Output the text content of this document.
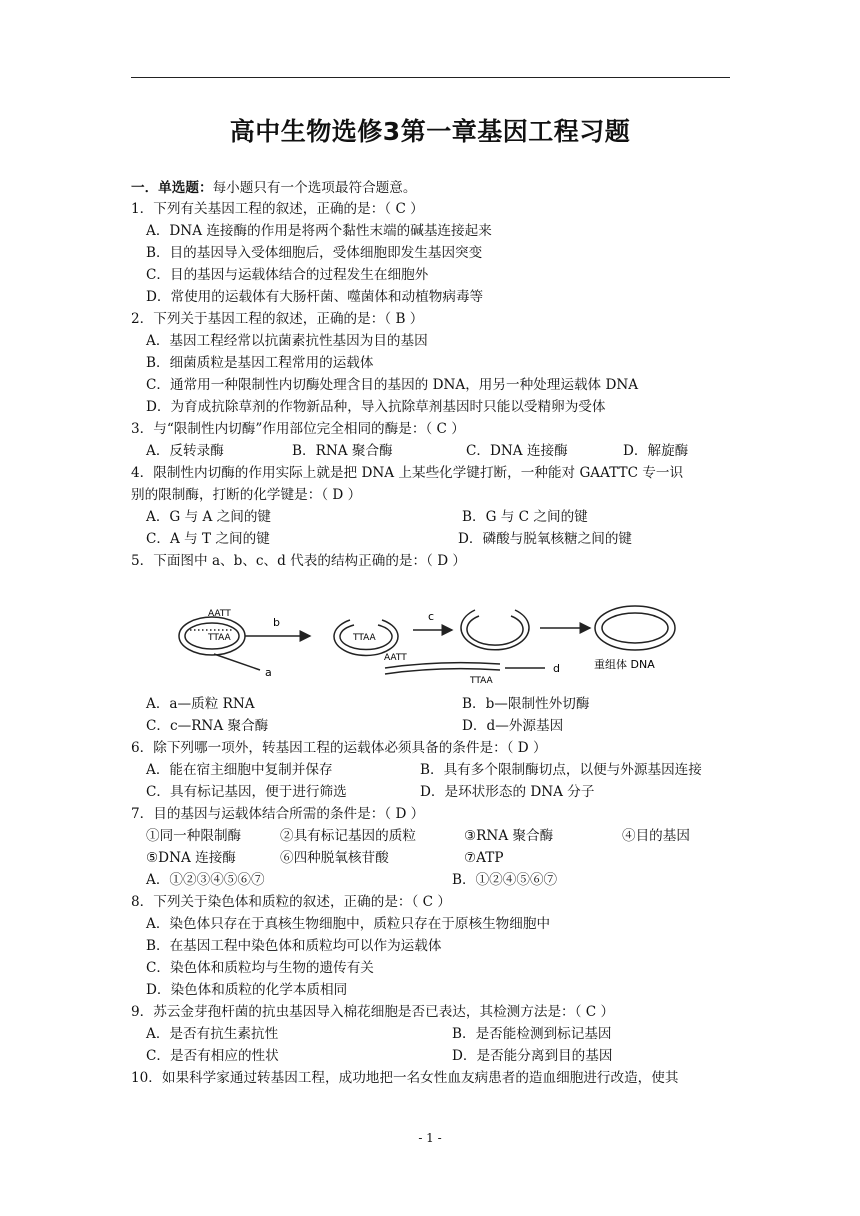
高中生物选修3第一章基因工程习题
一．单选题：每小题只有一个选项最符合题意。
1．下列有关基因工程的叙述，正确的是：（ C ）
A．DNA 连接酶的作用是将两个黏性末端的碱基连接起来
B．目的基因导入受体细胞后，受体细胞即发生基因突变
C．目的基因与运载体结合的过程发生在细胞外
D．常使用的运载体有大肠杆菌、噬菌体和动植物病毒等
2．下列关于基因工程的叙述，正确的是：（ B ）
A．基因工程经常以抗菌素抗性基因为目的基因
B．细菌质粒是基因工程常用的运载体
C．通常用一种限制性内切酶处理含目的基因的 DNA，用另一种处理运载体 DNA
D．为育成抗除草剂的作物新品种，导入抗除草剂基因时只能以受精卵为受体
3．与“限制性内切酶”作用部位完全相同的酶是：（ C ）
A．反转录酶	B．RNA 聚合酶	C．DNA 连接酶	D．解旋酶
4．限制性内切酶的作用实际上就是把 DNA 上某些化学键打断，一种能对 GAATTC 专一识
别的限制酶，打断的化学键是：（ D ）
A．G 与 A 之间的键	B．G 与 C 之间的键
C．A 与 T 之间的键	D．磷酸与脱氧核糖之间的键
5．下面图中 a、b、c、d 代表的结构正确的是：（ D ）
AATT
TTAA	TTAA
AATT
TTAA
b
a
c
d	重组体 DNA
A．a—质粒 RNA	B．b—限制性外切酶
C．c—RNA 聚合酶	D．d—外源基因
6．除下列哪一项外，转基因工程的运载体必须具备的条件是：（ D ）
A．能在宿主细胞中复制并保存	B．具有多个限制酶切点，以便与外源基因连接
C．具有标记基因，便于进行筛选	D．是环状形态的 DNA 分子
7．目的基因与运载体结合所需的条件是：（ D ）
①同一种限制酶	②具有标记基因的质粒	③RNA 聚合酶	④目的基因
⑤DNA 连接酶	⑥四种脱氧核苷酸	⑦ATP
A．①②③④⑤⑥⑦	B．①②④⑤⑥⑦
8．下列关于染色体和质粒的叙述，正确的是：（ C ）
A．染色体只存在于真核生物细胞中，质粒只存在于原核生物细胞中
B．在基因工程中染色体和质粒均可以作为运载体
C．染色体和质粒均与生物的遗传有关
D．染色体和质粒的化学本质相同
9．苏云金芽孢杆菌的抗虫基因导入棉花细胞是否已表达，其检测方法是：（ C ）
A．是否有抗生素抗性	B．是否能检测到标记基因
C．是否有相应的性状	D．是否能分离到目的基因
10．如果科学家通过转基因工程，成功地把一名女性血友病患者的造血细胞进行改造，使其
- 1 -
